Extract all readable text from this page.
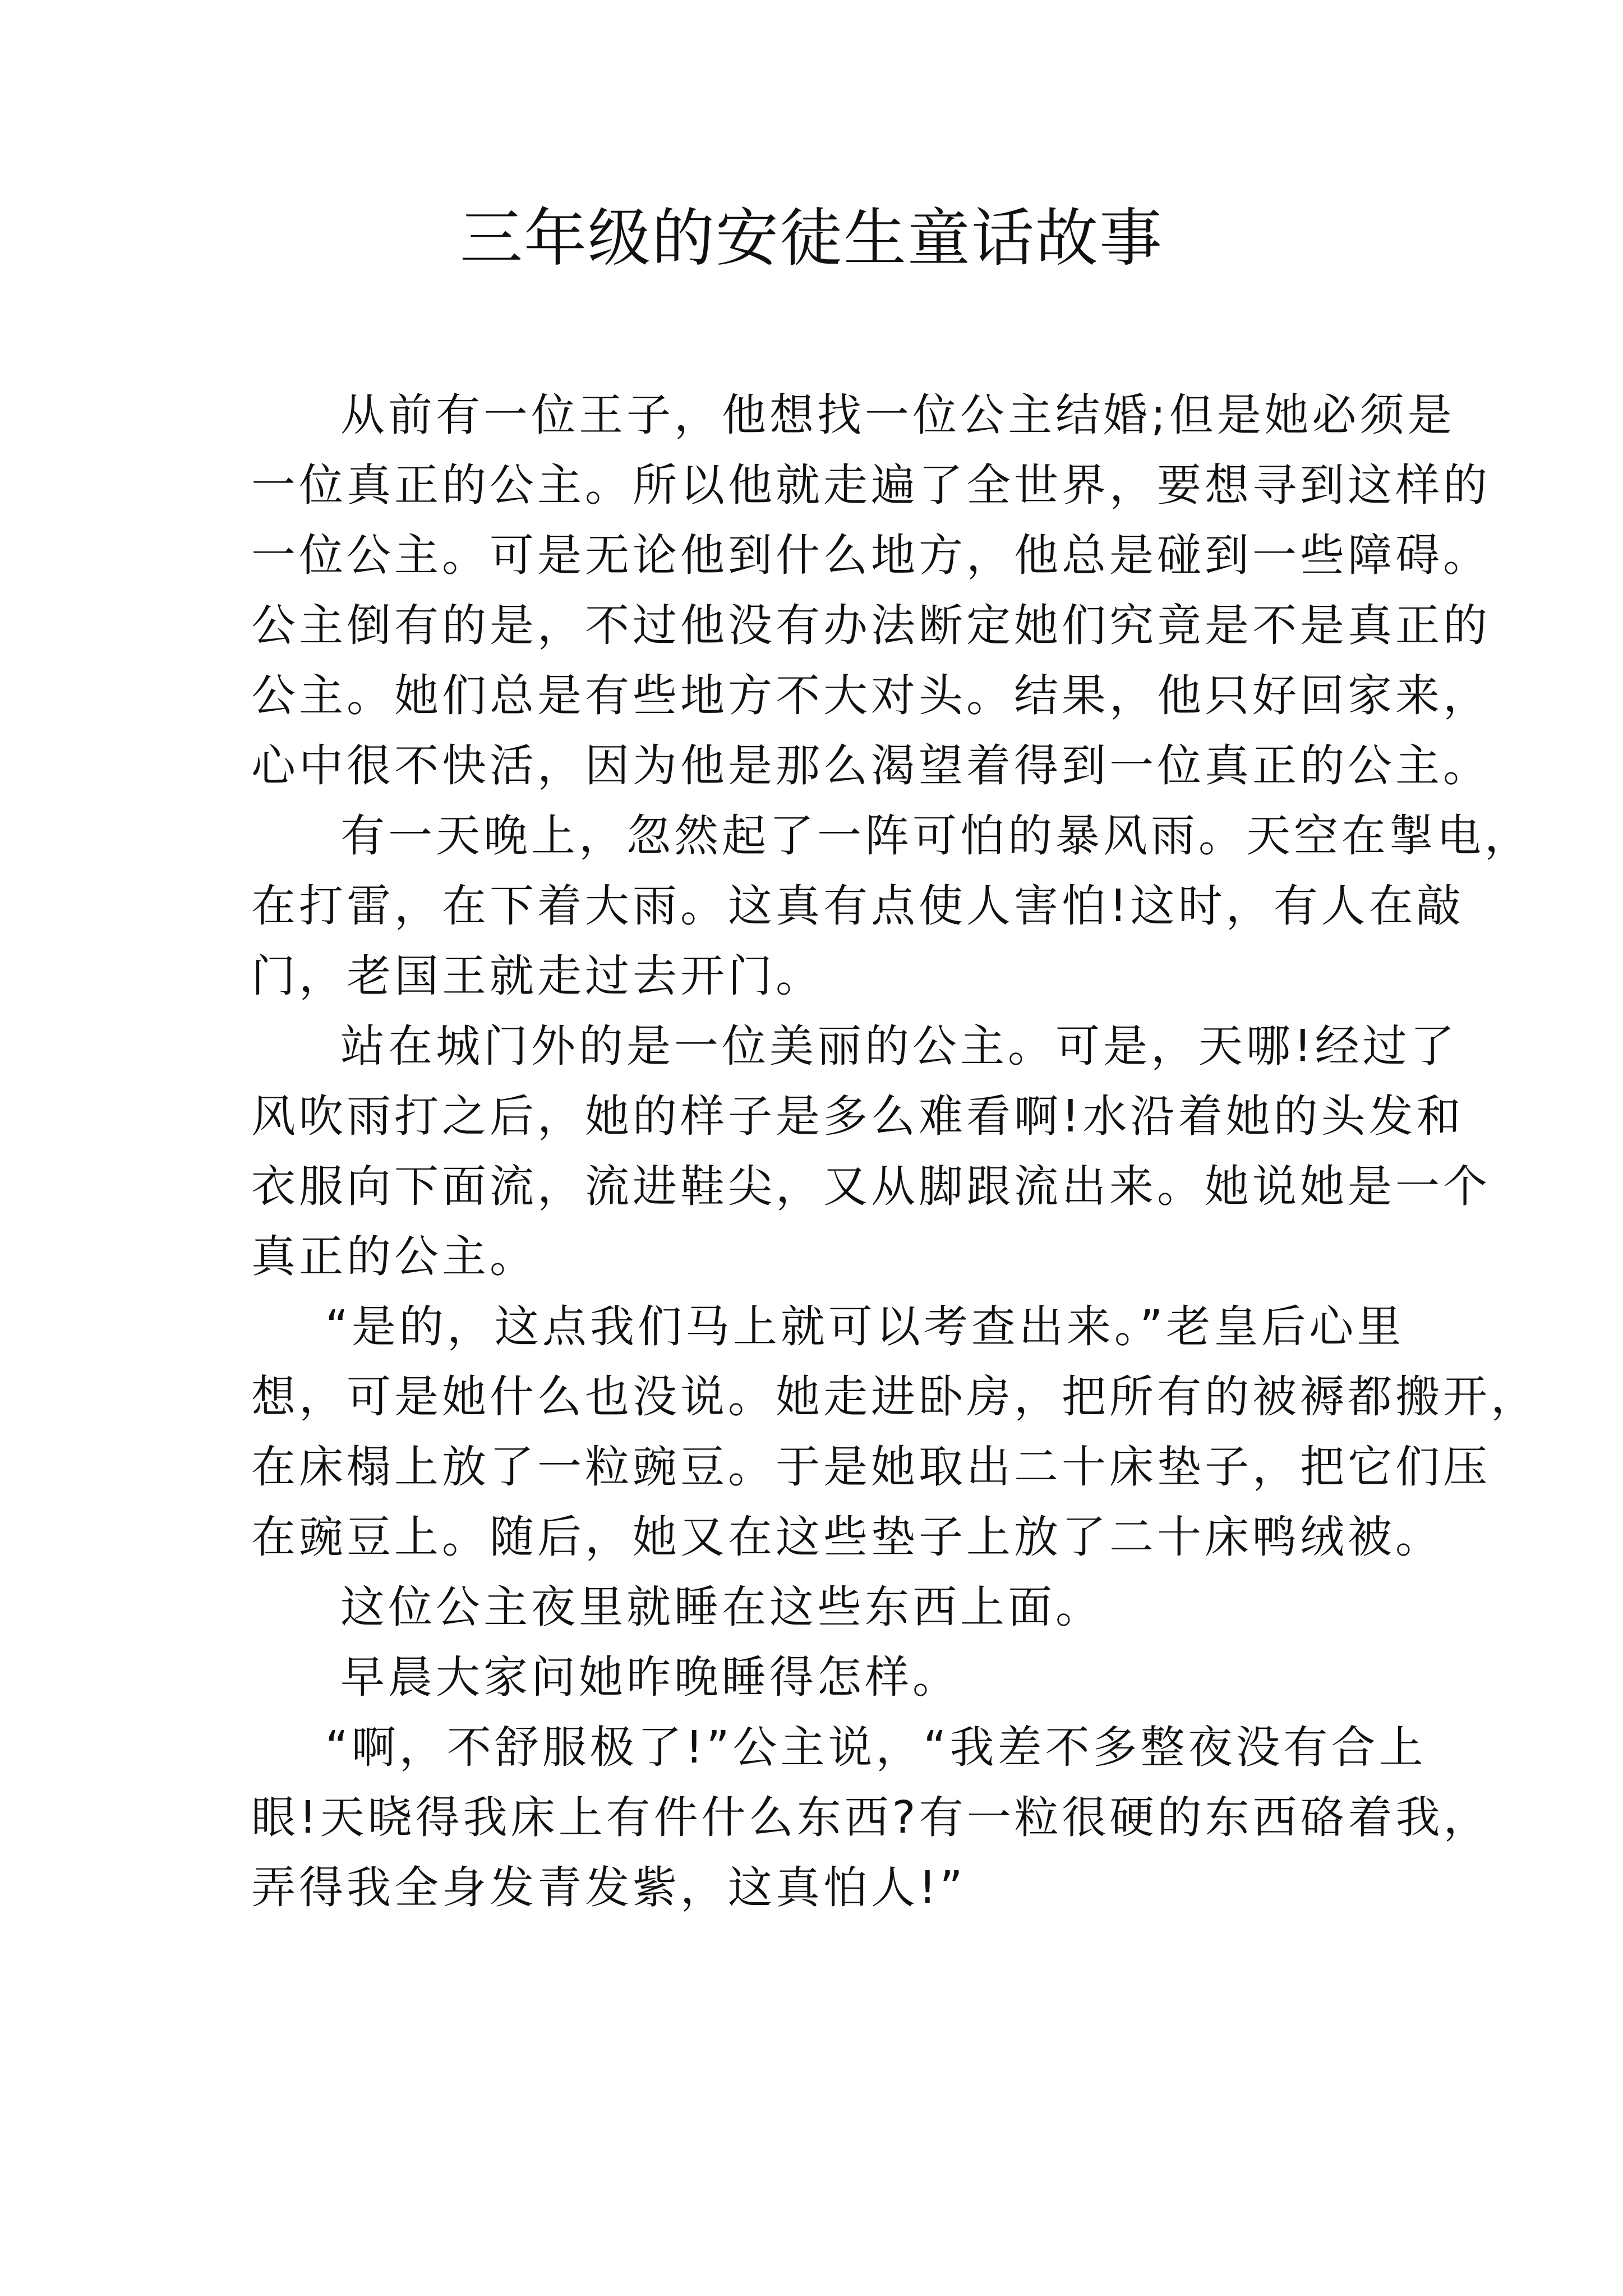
三年级的安徒生童话故事
从前有一位王子，他想找一位公主结婚;但是她必须是
一位真正的公主。所以他就走遍了全世界，要想寻到这样的
一位公主。可是无论他到什么地方，他总是碰到一些障碍。
公主倒有的是，不过他没有办法断定她们究竟是不是真正的
公主。她们总是有些地方不大对头。结果，他只好回家来，
心中很不快活，因为他是那么渴望着得到一位真正的公主。
有一天晚上，忽然起了一阵可怕的暴风雨。天空在掣电，
在打雷，在下着大雨。这真有点使人害怕!这时，有人在敲
门，老国王就走过去开门。
站在城门外的是一位美丽的公主。可是，天哪!经过了
风吹雨打之后，她的样子是多么难看啊!水沿着她的头发和
衣服向下面流，流进鞋尖，又从脚跟流出来。她说她是一个
真正的公主。
“是的，这点我们马上就可以考查出来。”老皇后心里
想，可是她什么也没说。她走进卧房，把所有的被褥都搬开，
在床榻上放了一粒豌豆。于是她取出二十床垫子，把它们压
在豌豆上。随后，她又在这些垫子上放了二十床鸭绒被。
这位公主夜里就睡在这些东西上面。
早晨大家问她昨晚睡得怎样。
“啊，不舒服极了!”公主说，“我差不多整夜没有合上
眼!天晓得我床上有件什么东西?有一粒很硬的东西硌着我，
弄得我全身发青发紫，这真怕人!”
